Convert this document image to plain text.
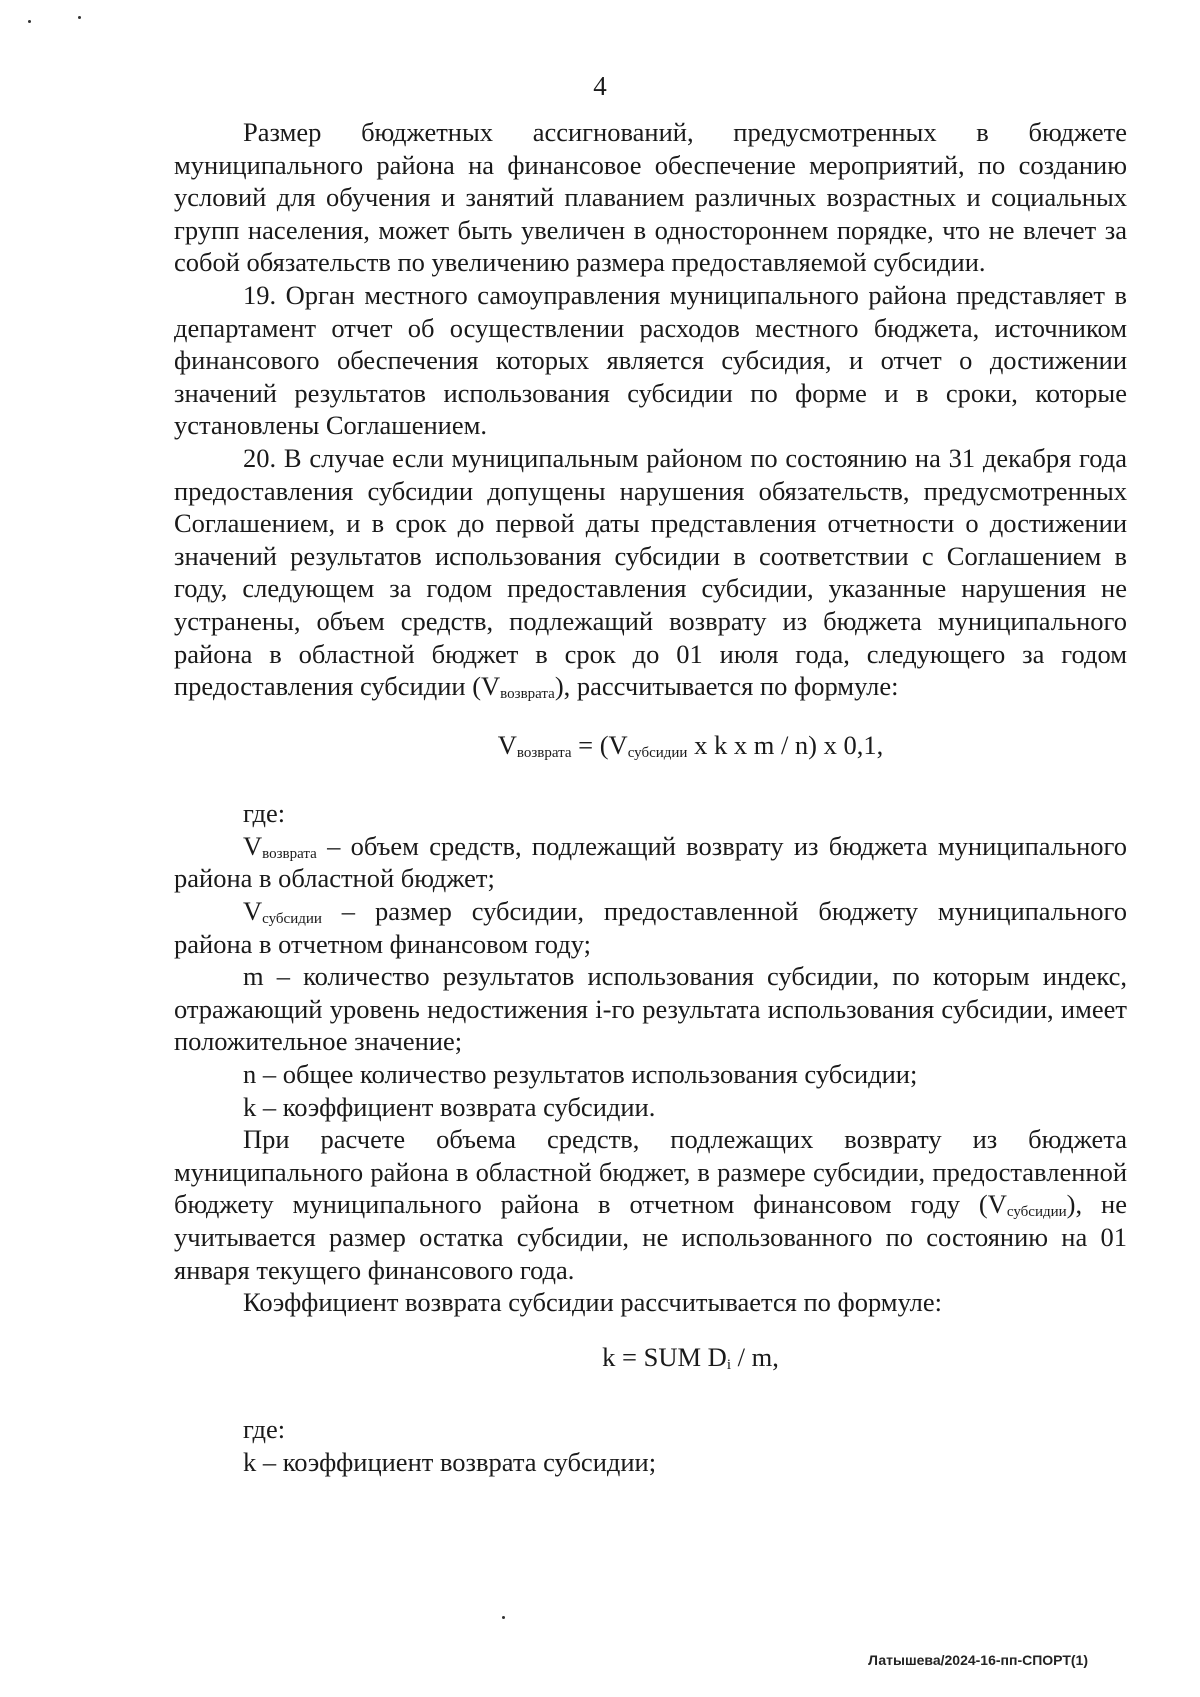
4

Размер бюджетных ассигнований, предусмотренных в бюджете муниципального района на финансовое обеспечение мероприятий, по созданию условий для обучения и занятий плаванием различных возрастных и социальных групп населения, может быть увеличен в одностороннем порядке, что не влечет за собой обязательств по увеличению размера предоставляемой субсидии.

19. Орган местного самоуправления муниципального района представляет в департамент отчет об осуществлении расходов местного бюджета, источником финансового обеспечения которых является субсидия, и отчет о достижении значений результатов использования субсидии по форме и в сроки, которые установлены Соглашением.

20. В случае если муниципальным районом по состоянию на 31 декабря года предоставления субсидии допущены нарушения обязательств, предусмотренных Соглашением, и в срок до первой даты представления отчетности о достижении значений результатов использования субсидии в соответствии с Соглашением в году, следующем за годом предоставления субсидии, указанные нарушения не устранены, объем средств, подлежащий возврату из бюджета муниципального района в областной бюджет в срок до 01 июля года, следующего за годом предоставления субсидии $(V_{возврата})$, рассчитывается по формуле:

$V_{возврата} = (V_{субсидии}$ x k x m / n) x 0,1,

где:

$V_{возврата}$ – объем средств, подлежащий возврату из бюджета муниципального района в областной бюджет;

$V_{субсидии}$ – размер субсидии, предоставленной бюджету муниципального района в отчетном финансовом году;

m – количество результатов использования субсидии, по которым индекс, отражающий уровень недостижения i-го результата использования субсидии, имеет положительное значение;

n – общее количество результатов использования субсидии;

k – коэффициент возврата субсидии.

При расчете объема средств, подлежащих возврату из бюджета муниципального района в областной бюджет, в размере субсидии, предоставленной бюджету муниципального района в отчетном финансовом году $(V_{субсидии})$, не учитывается размер остатка субсидии, не использованного по состоянию на 01 января текущего финансового года.

Коэффициент возврата субсидии рассчитывается по формуле:

k = SUM $D_i$ / m,

где:

k – коэффициент возврата субсидии;

Латышева/2024-16-пп-СПОРТ(1)
